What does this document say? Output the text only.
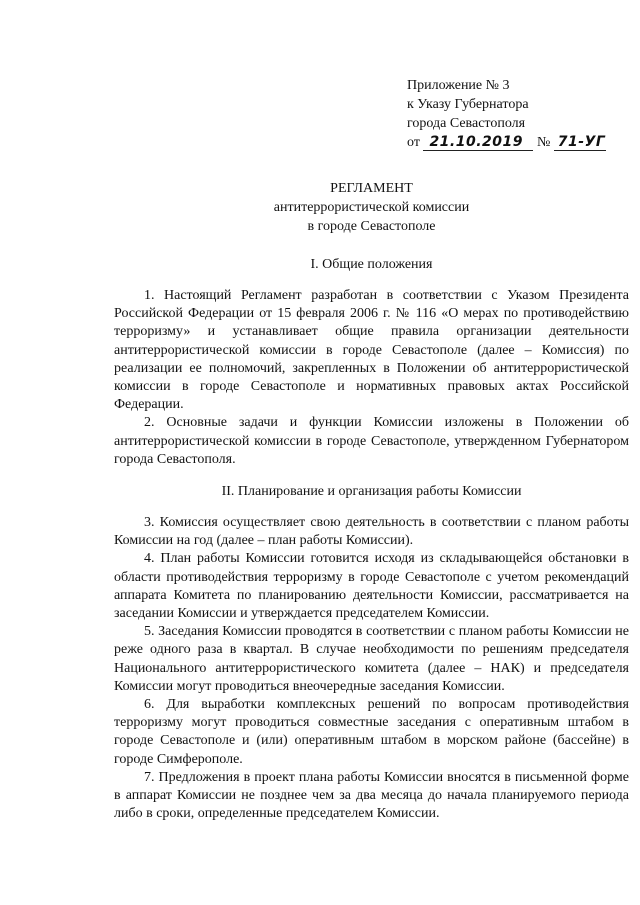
Приложение № 3
к Указу Губернатора
города Севастополя
от 21.10.2019 № 71-УГ
РЕГЛАМЕНТ
антитеррористической комиссии
в городе Севастополе
I. Общие положения

1. Настоящий Регламент разработан в соответствии с Указом Президента Российской Федерации от 15 февраля 2006 г. № 116 «О мерах по противодействию терроризму» и устанавливает общие правила организации деятельности антитеррористической комиссии в городе Севастополе (далее – Комиссия) по реализации ее полномочий, закрепленных в Положении об антитеррористической комиссии в городе Севастополе и нормативных правовых актах Российской Федерации.

2. Основные задачи и функции Комиссии изложены в Положении об антитеррористической комиссии в городе Севастополе, утвержденном Губернатором города Севастополя.

II. Планирование и организация работы Комиссии

3. Комиссия осуществляет свою деятельность в соответствии с планом работы Комиссии на год (далее – план работы Комиссии).

4. План работы Комиссии готовится исходя из складывающейся обстановки в области противодействия терроризму в городе Севастополе с учетом рекомендаций аппарата Комитета по планированию деятельности Комиссии, рассматривается на заседании Комиссии и утверждается председателем Комиссии.

5. Заседания Комиссии проводятся в соответствии с планом работы Комиссии не реже одного раза в квартал. В случае необходимости по решениям председателя Национального антитеррористического комитета (далее – НАК) и председателя Комиссии могут проводиться внеочередные заседания Комиссии.

6. Для выработки комплексных решений по вопросам противодействия терроризму могут проводиться совместные заседания с оперативным штабом в городе Севастополе и (или) оперативным штабом в морском районе (бассейне) в городе Симферополе.

7. Предложения в проект плана работы Комиссии вносятся в письменной форме в аппарат Комиссии не позднее чем за два месяца до начала планируемого периода либо в сроки, определенные председателем Комиссии.
